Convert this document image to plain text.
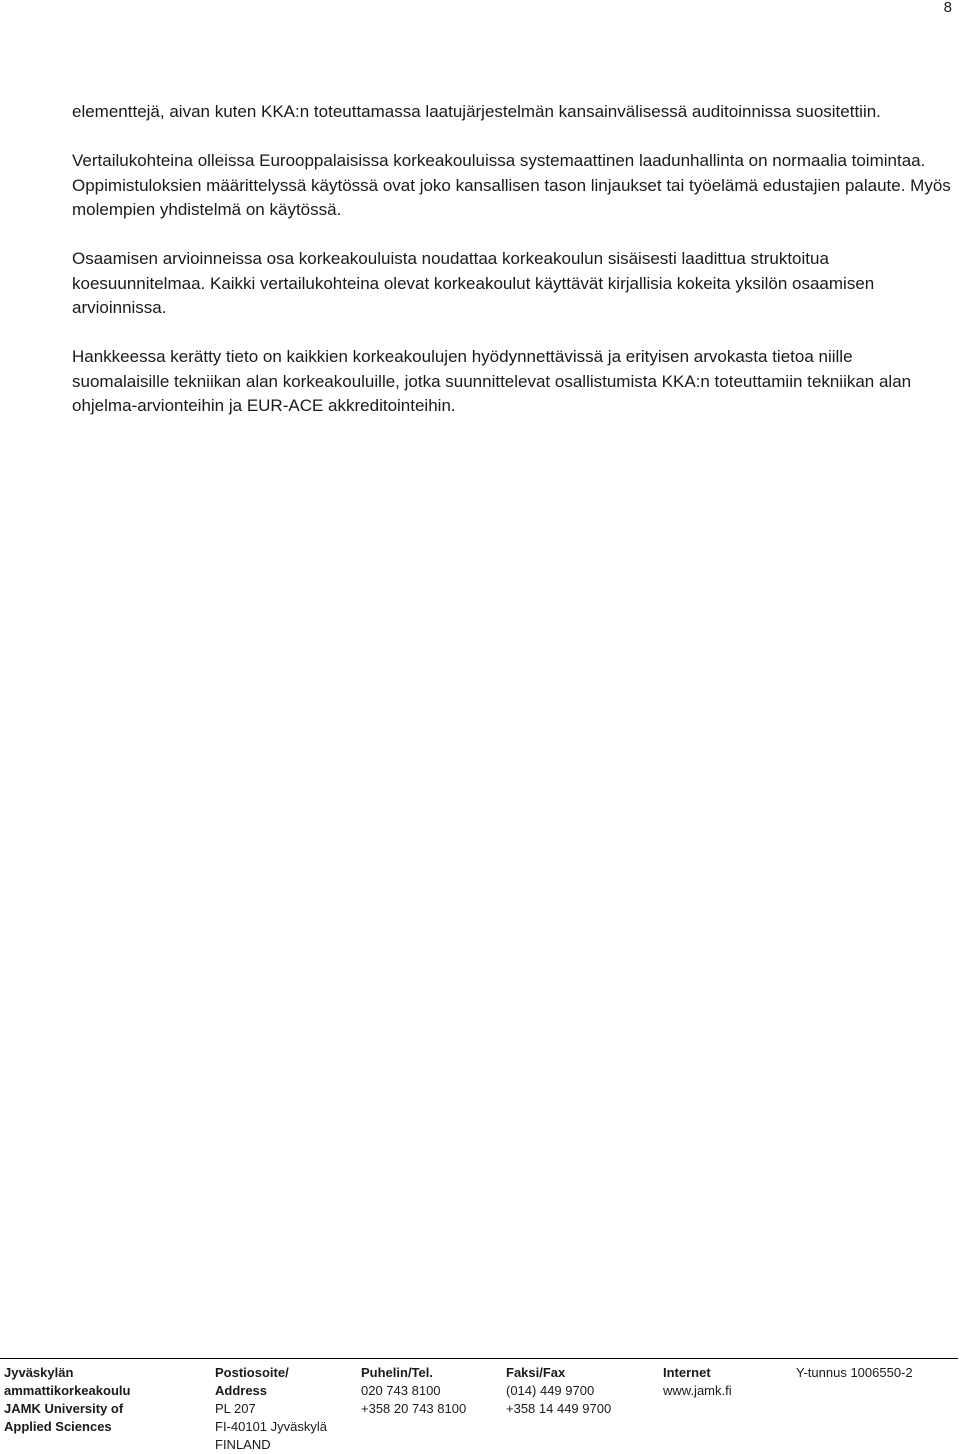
8

elementtejä, aivan kuten KKA:n toteuttamassa laatujärjestelmän kansainvälisessä auditoinnissa suositettiin.

Vertailukohteina olleissa Eurooppalaisissa korkeakouluissa systemaattinen laadunhallinta on normaalia toimintaa. Oppimistuloksien määrittelyssä käytössä ovat joko kansallisen tason linjaukset tai työelämä edustajien palaute. Myös molempien yhdistelmä on käytössä.

Osaamisen arvioinneissa osa korkeakouluista noudattaa korkeakoulun sisäisesti laadittua struktoitua koesuunnitelmaa. Kaikki vertailukohteina olevat korkeakoulut käyttävät kirjallisia kokeita yksilön osaamisen arvioinnissa.

Hankkeessa kerätty tieto on kaikkien korkeakoulujen hyödynnettävissä ja erityisen arvokasta tietoa niille suomalaisille tekniikan alan korkeakouluille, jotka suunnittelevat osallistumista KKA:n toteuttamiin tekniikan alan ohjelma-arvionteihin ja EUR-ACE akkreditointeihin.

Jyväskylän
ammattikorkeakoulu
JAMK University of
Applied Sciences
Postiosoite/
Address
PL 207
FI-40101 Jyväskylä
FINLAND
Puhelin/Tel.
020 743 8100
+358 20 743 8100
Faksi/Fax
(014) 449 9700
+358 14 449 9700
Internet
www.jamk.fi
Y-tunnus 1006550-2
